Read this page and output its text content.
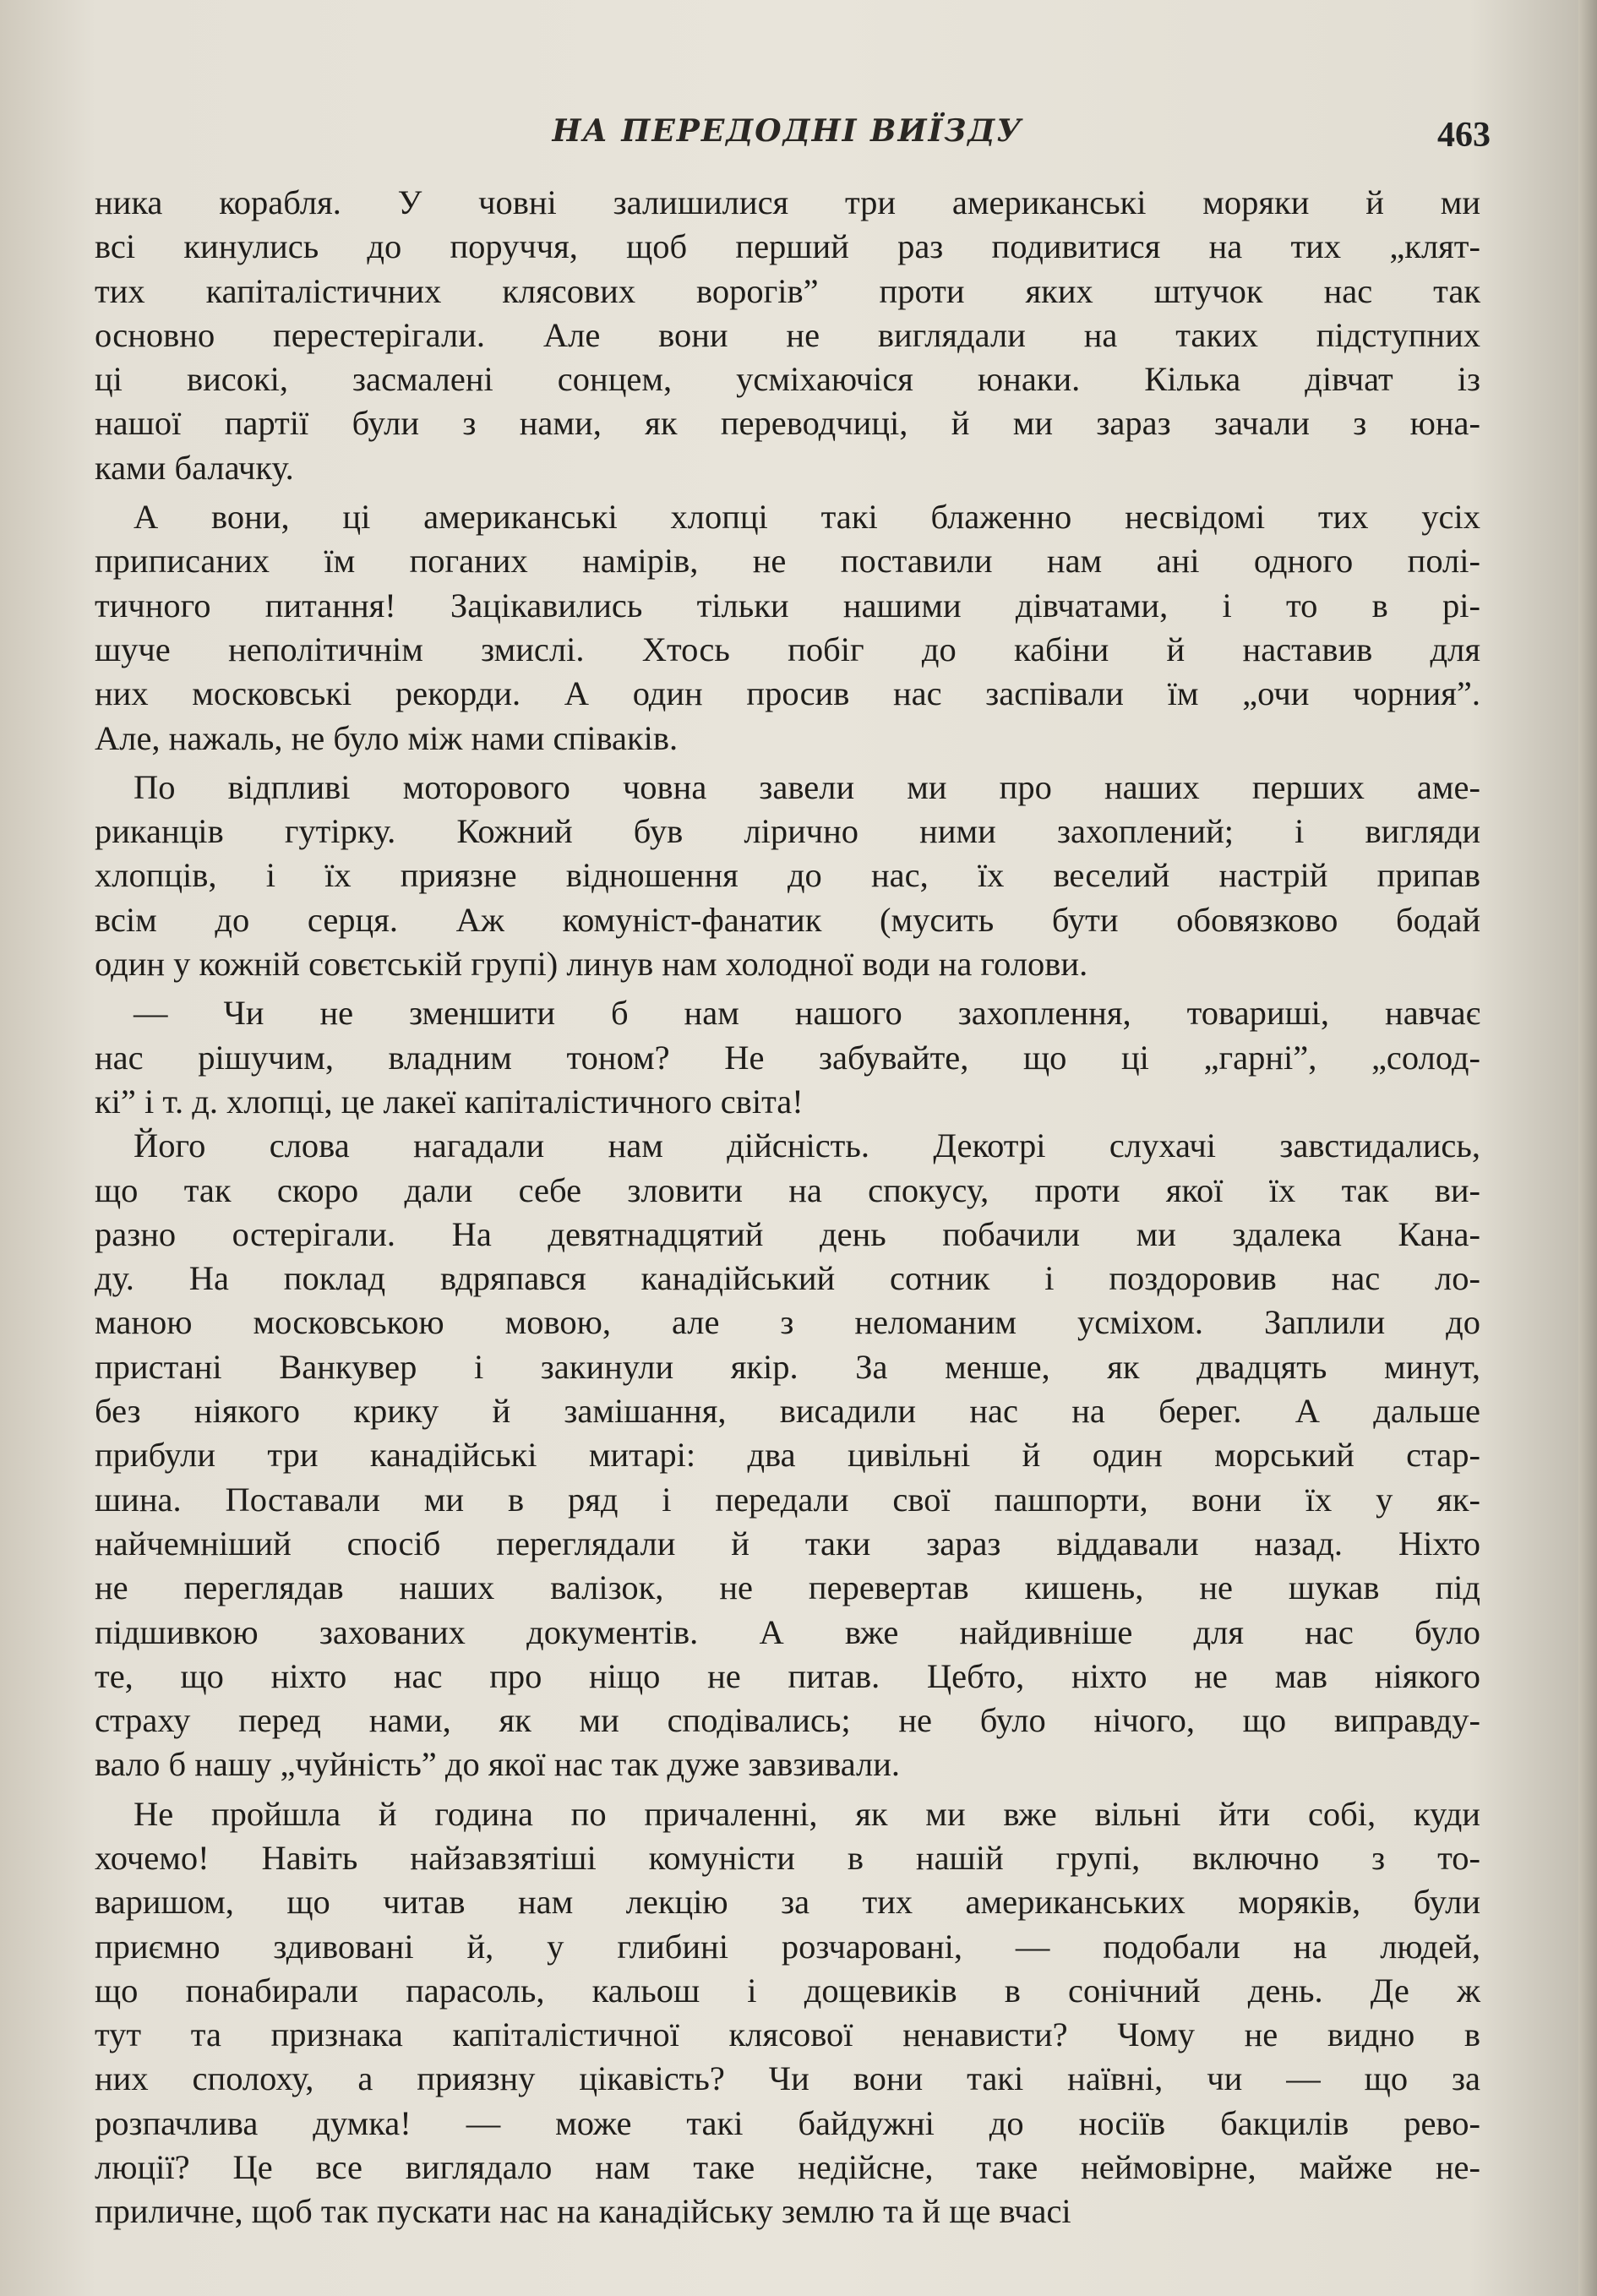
НА ПЕРЕДОДНІ ВИЇЗДУ	463
ника корабля. У човні залишилися три американські моряки й ми
всі кинулись до поруччя, щоб перший раз подивитися на тих „клят-
тих капіталістичних клясових ворогів” проти яких штучок нас так
основно перестерігали. Але вони не виглядали на таких підступних
ці високі, засмалені сонцем, усміхаючіся юнаки. Кілька дівчат із
нашої партії були з нами, як переводчиці, й ми зараз зачали з юна-
ками балачку.
А вони, ці американські хлопці такі блаженно несвідомі тих усіх
приписаних їм поганих намірів, не поставили нам ані одного полі-
тичного питання! Зацікавились тільки нашими дівчатами, і то в рі-
шуче неполітичнім змислі. Хтось побіг до кабіни й наставив для
них московські рекорди. А один просив нас заспівали їм „очи чорния”.
Але, нажаль, не було між нами співаків.
По відпливі моторового човна завели ми про наших перших аме-
риканців гутірку. Кожний був лірично ними захоплений; і вигляди
хлопців, і їх приязне відношення до нас, їх веселий настрій припав
всім до серця. Аж комуніст-фанатик (мусить бути обовязково бодай
один у кожній совєтській групі) линув нам холодної води на голови.
— Чи не зменшити б нам нашого захоплення, товариші, навчає
нас рішучим, владним тоном? Не забувайте, що ці „гарні”, „солод-
кі” і т. д. хлопці, це лакеї капіталістичного світа!
Його слова нагадали нам дійсність. Декотрі слухачі завстидались,
що так скоро дали себе зловити на спокусу, проти якої їх так ви-
разно остерігали. На девятнадцятий день побачили ми здалека Кана-
ду. На поклад вдряпався канадійський сотник і поздоровив нас ло-
маною московською мовою, але з неломаним усміхом. Заплили до
пристані Ванкувер і закинули якір. За менше, як двадцять минут,
без ніякого крику й замішання, висадили нас на берег. А дальше
прибули три канадійські митарі: два цивільні й один морський стар-
шина. Поставали ми в ряд і передали свої пашпорти, вони їх у як-
найчемніший спосіб переглядали й таки зараз віддавали назад. Ніхто
не переглядав наших валізок, не перевертав кишень, не шукав під
підшивкою захованих документів. А вже найдивніше для нас було
те, що ніхто нас про ніщо не питав. Цебто, ніхто не мав ніякого
страху перед нами, як ми сподівались; не було нічого, що виправду-
вало б нашу „чуйність” до якої нас так дуже завзивали.
Не пройшла й година по причаленні, як ми вже вільні йти собі, куди
хочемо! Навіть найзавзятіші комуністи в нашій групі, включно з то-
варишом, що читав нам лекцію за тих американських моряків, були
приємно здивовані й, у глибині розчаровані, — подобали на людей,
що понабирали парасоль, кальош і дощевиків в сонічний день. Де ж
тут та признака капіталістичної клясової ненависти? Чому не видно в
них сполоху, а приязну цікавість? Чи вони такі наївні, чи — що за
розпачлива думка! — може такі байдужні до носіїв бакцилів рево-
люції? Це все виглядало нам таке недійсне, таке неймовірне, майже не-
приличне, щоб так пускати нас на канадійську землю та й ще вчасі
